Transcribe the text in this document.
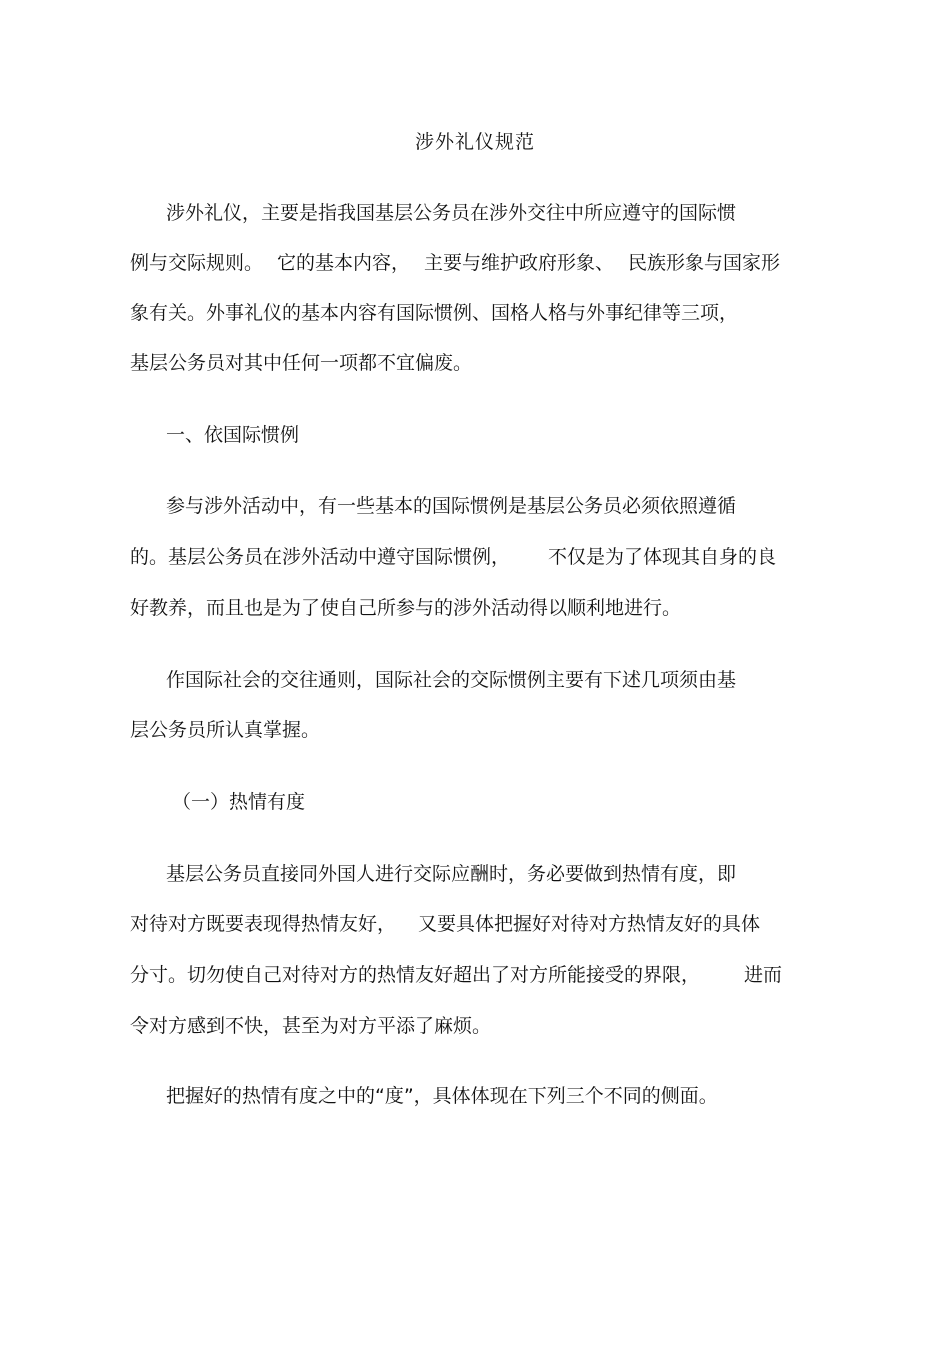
涉外礼仪规范
涉外礼仪，主要是指我国基层公务员在涉外交往中所应遵守的国际惯
例与交际规则。 它的基本内容， 主要与维护政府形象、 民族形象与国家形
象有关。外事礼仪的基本内容有国际惯例、国格人格与外事纪律等三项，
基层公务员对其中任何一项都不宜偏废。
一、依国际惯例
参与涉外活动中，有一些基本的国际惯例是基层公务员必须依照遵循
的。基层公务员在涉外活动中遵守国际惯例， 不仅是为了体现其自身的良
好教养，而且也是为了使自己所参与的涉外活动得以顺利地进行。
作国际社会的交往通则，国际社会的交际惯例主要有下述几项须由基
层公务员所认真掌握。
（一）热情有度
基层公务员直接同外国人进行交际应酬时，务必要做到热情有度，即
对待对方既要表现得热情友好， 又要具体把握好对待对方热情友好的具体
分寸。切勿使自己对待对方的热情友好超出了对方所能接受的界限， 进而
令对方感到不快，甚至为对方平添了麻烦。
把握好的热情有度之中的“度”，具体体现在下列三个不同的侧面。
